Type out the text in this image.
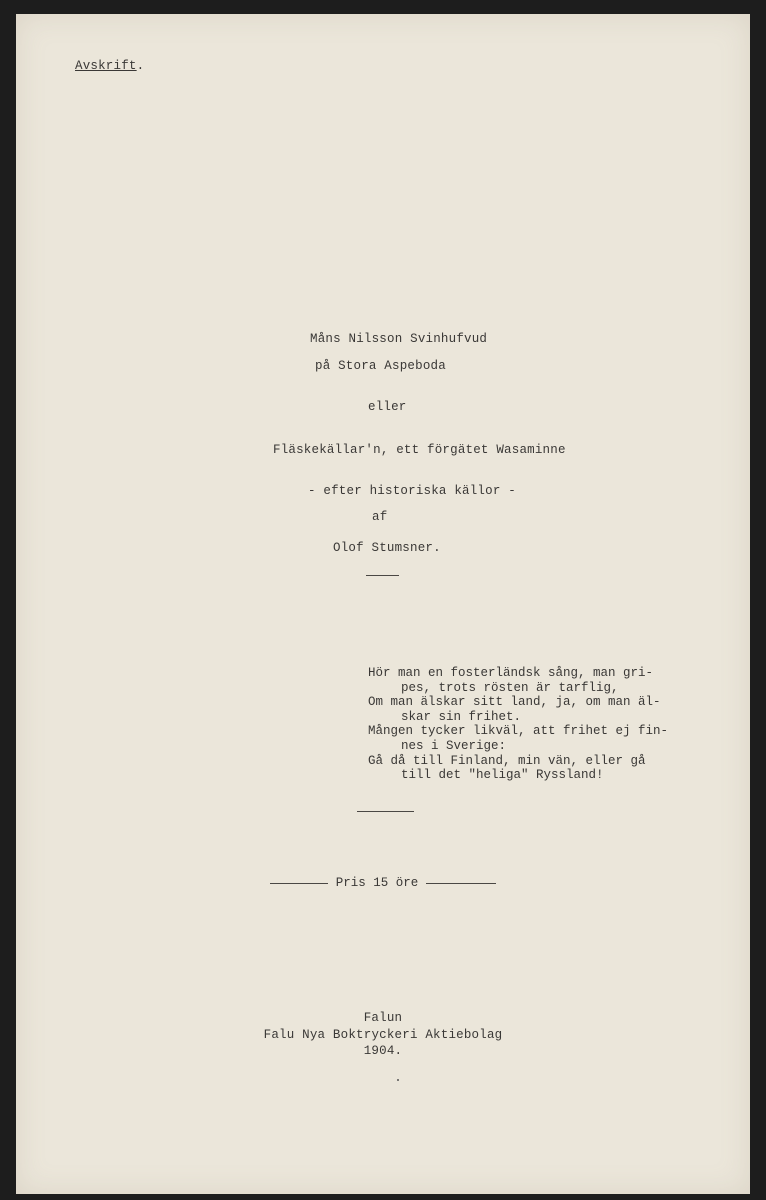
Avskrift.
Måns Nilsson Svinhufvud
på Stora Aspeboda
eller
Fläskekällar'n, ett förgätet Wasaminne
- efter historiska källor -
af
Olof Stumsner.
Hör man en fosterländsk sång, man gri-
pes, trots rösten är tarflig,
Om man älskar sitt land, ja, om man äl-
skar sin frihet.
Mången tycker likväl, att frihet ej fin-
nes i Sverige:
Gå då till Finland, min vän, eller gå
till det "heliga" Ryssland!
Pris 15 öre
Falun
Falu Nya Boktryckeri Aktiebolag
1904.
